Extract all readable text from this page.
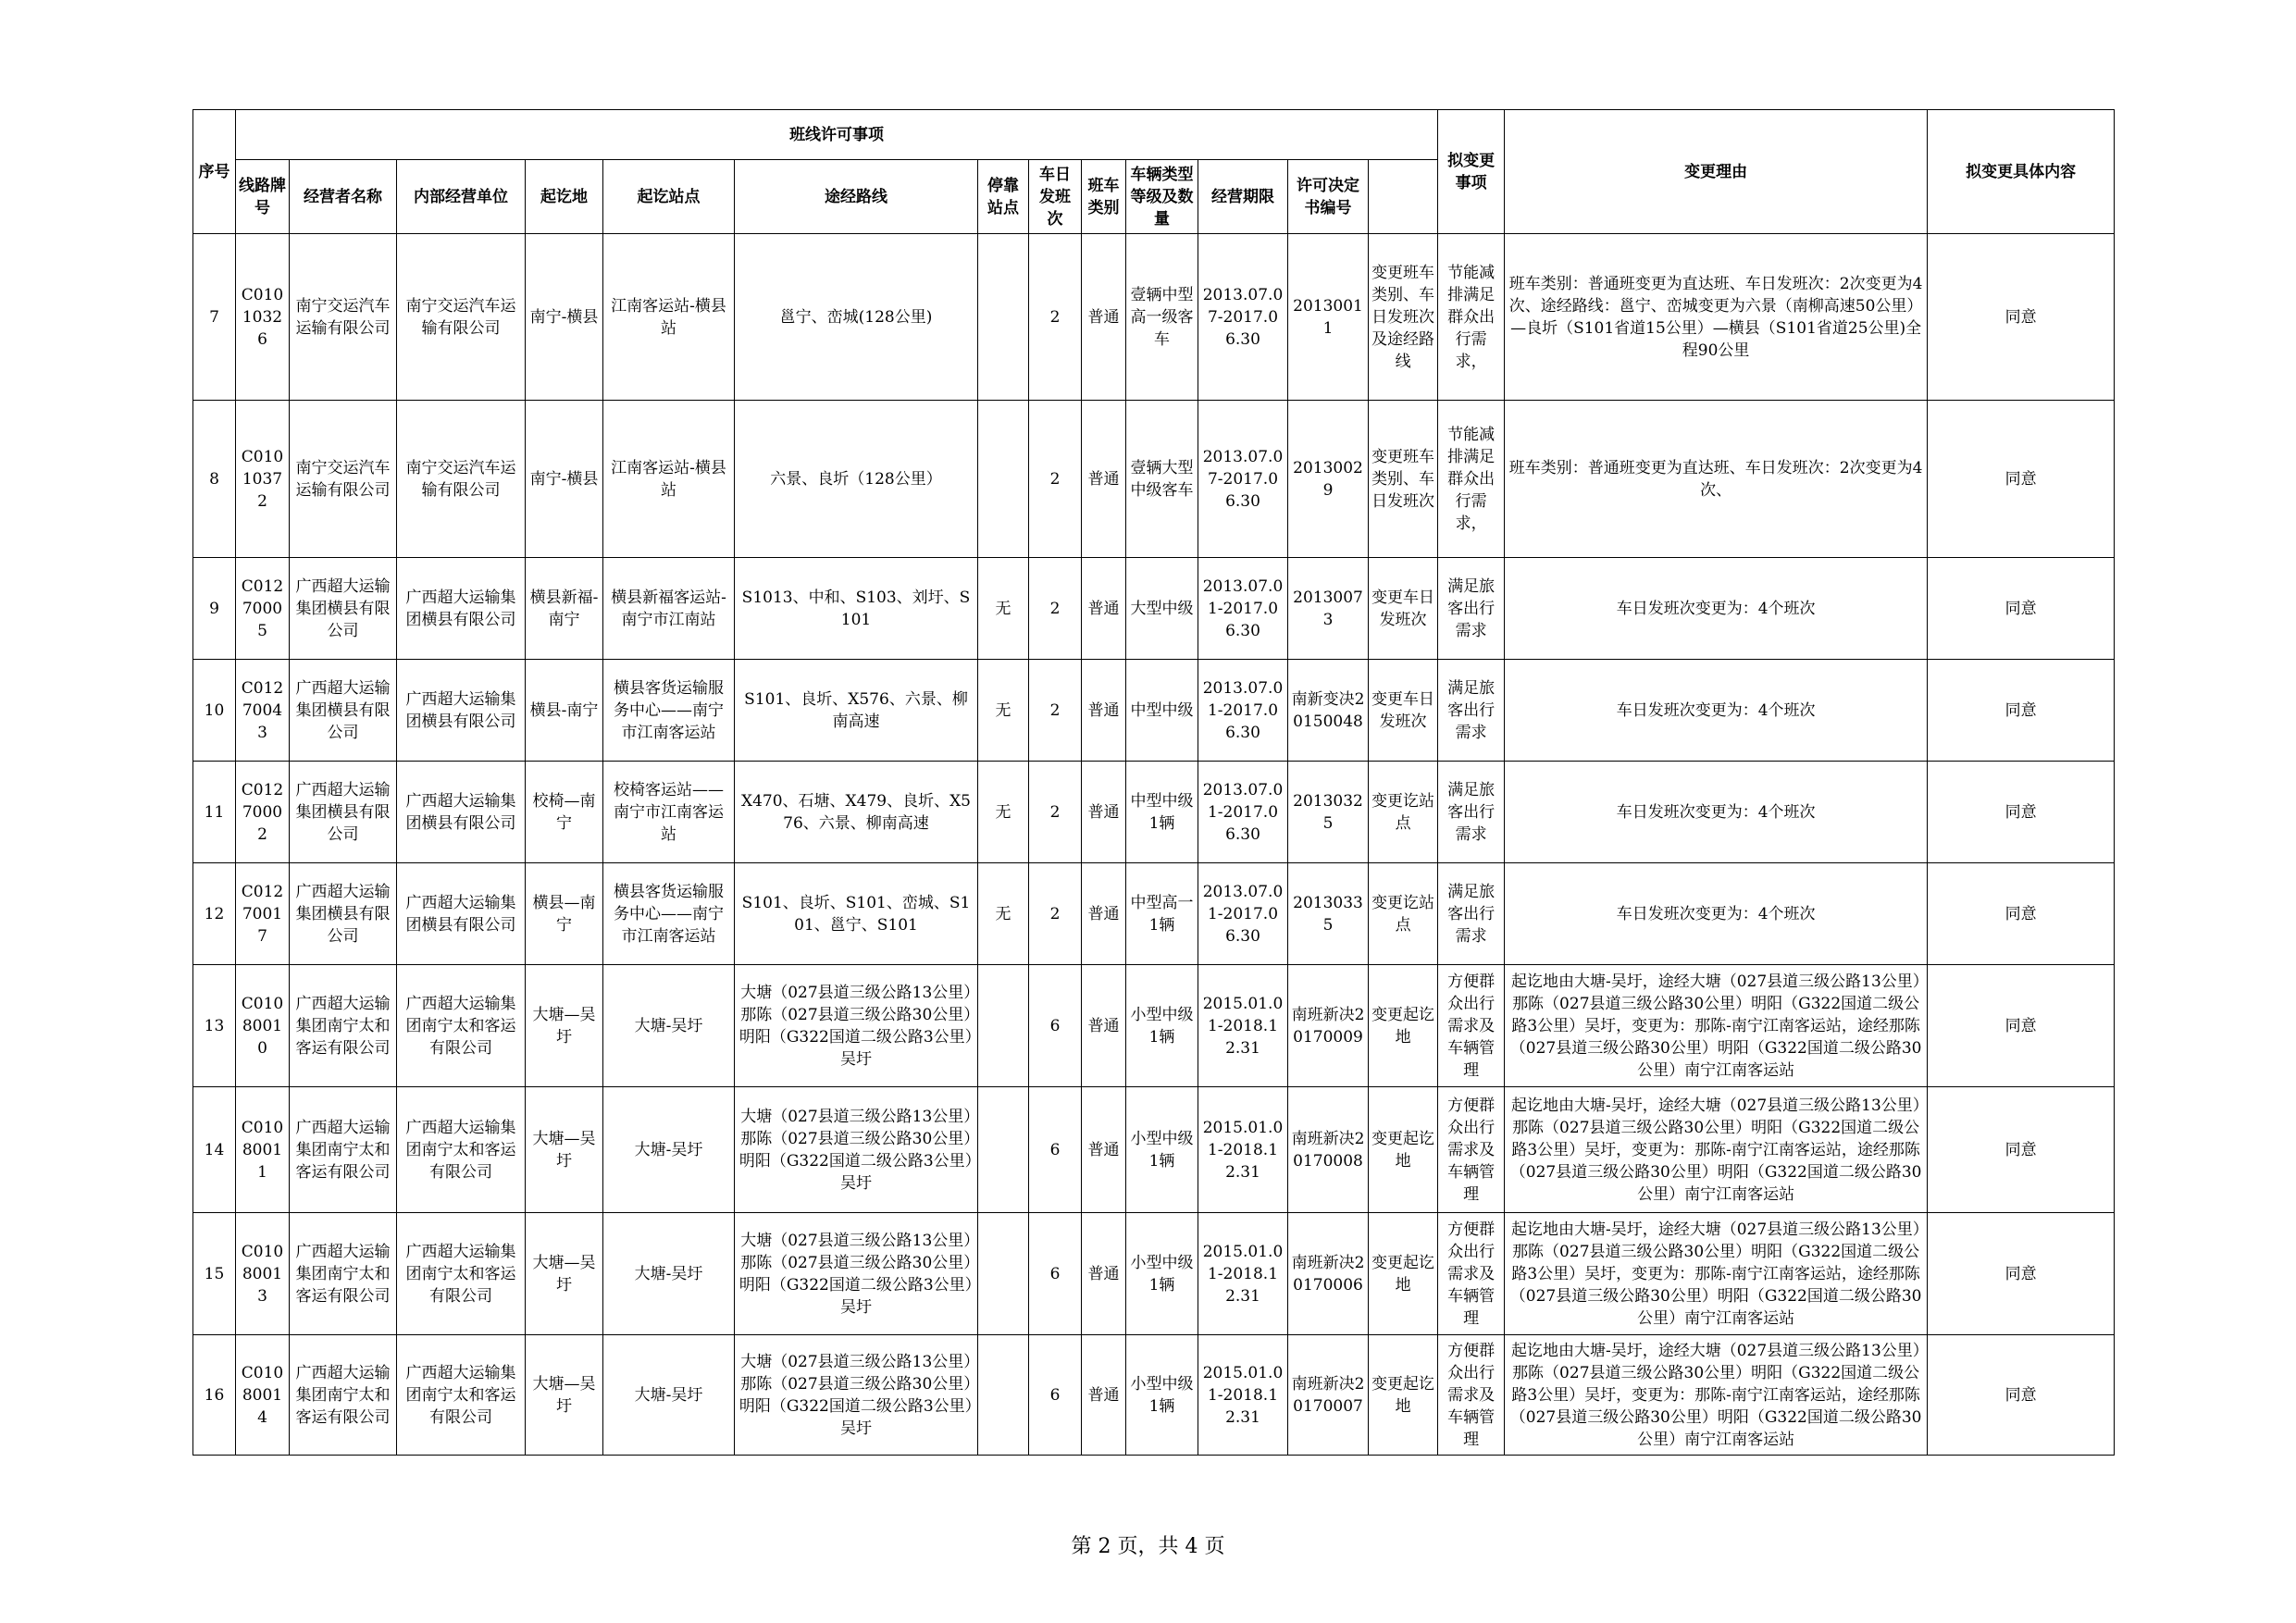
序号	班线许可事项													拟变更事项	变更理由	拟变更具体内容	
	线路牌号	经营者名称	内部经营单位	起讫地	起讫站点	途经路线	停靠站点	车日发班次	班车类别	车辆类型等级及数量	经营期限	许可决定书编号					
7	C01010326	南宁交运汽车运输有限公司	南宁交运汽车运输有限公司	南宁-横县	江南客运站-横县站	邕宁、峦城(128公里)		2	普通	壹辆中型高一级客车	2013.07.07-2017.06.30	20130011	变更班车类别、车日发班次及途经路线	节能减排满足群众出行需求，	班车类别：普通班变更为直达班、车日发班次：2次变更为4次、途经路线：邕宁、峦城变更为六景（南柳高速50公里）—良圻（S101省道15公里）—横县（S101省道25公里)全程90公里	同意	
8	C01010372	南宁交运汽车运输有限公司	南宁交运汽车运输有限公司	南宁-横县	江南客运站-横县站	六景、良圻（128公里）		2	普通	壹辆大型中级客车	2013.07.07-2017.06.30	20130029	变更班车类别、车日发班次	节能减排满足群众出行需求，	班车类别：普通班变更为直达班、车日发班次：2次变更为4次、	同意	
9	C01270005	广西超大运输集团横县有限公司	广西超大运输集团横县有限公司	横县新福-南宁	横县新福客运站-南宁市江南站	S1013、中和、S103、刘圩、S101	无	2	普通	大型中级	2013.07.01-2017.06.30	20130073	变更车日发班次	满足旅客出行需求	车日发班次变更为：4个班次	同意	
10	C01270043	广西超大运输集团横县有限公司	广西超大运输集团横县有限公司	横县-南宁	横县客货运输服务中心——南宁市江南客运站	S101、良圻、X576、六景、柳南高速	无	2	普通	中型中级	2013.07.01-2017.06.30	南新变决20150048	变更车日发班次	满足旅客出行需求	车日发班次变更为：4个班次	同意	
11	C01270002	广西超大运输集团横县有限公司	广西超大运输集团横县有限公司	校椅—南宁	校椅客运站——南宁市江南客运站	X470、石塘、X479、良圻、X576、六景、柳南高速	无	2	普通	中型中级1辆	2013.07.01-2017.06.30	20130325	变更讫站点	满足旅客出行需求	车日发班次变更为：4个班次	同意	
12	C01270017	广西超大运输集团横县有限公司	广西超大运输集团横县有限公司	横县—南宁	横县客货运输服务中心——南宁市江南客运站	S101、良圻、S101、峦城、S101、邕宁、S101	无	2	普通	中型高一1辆	2013.07.01-2017.06.30	20130335	变更讫站点	满足旅客出行需求	车日发班次变更为：4个班次	同意	
13	C01080010	广西超大运输集团南宁太和客运有限公司	广西超大运输集团南宁太和客运有限公司	大塘—吴圩	大塘-吴圩	大塘（027县道三级公路13公里）那陈（027县道三级公路30公里）明阳（G322国道二级公路3公里）吴圩		6	普通	小型中级 1辆	2015.01.01-2018.12.31	南班新决20170009	变更起讫地	方便群众出行需求及车辆管理	起讫地由大塘-吴圩，途经大塘（027县道三级公路13公里）那陈（027县道三级公路30公里）明阳（G322国道二级公路3公里）吴圩，变更为：那陈-南宁江南客运站，途经那陈（027县道三级公路30公里）明阳（G322国道二级公路30公里）南宁江南客运站	同意	
14	C01080011	广西超大运输集团南宁太和客运有限公司	广西超大运输集团南宁太和客运有限公司	大塘—吴圩	大塘-吴圩	大塘（027县道三级公路13公里）那陈（027县道三级公路30公里）明阳（G322国道二级公路3公里）吴圩		6	普通	小型中级 1辆	2015.01.01-2018.12.31	南班新决20170008	变更起讫地	方便群众出行需求及车辆管理	起讫地由大塘-吴圩，途经大塘（027县道三级公路13公里）那陈（027县道三级公路30公里）明阳（G322国道二级公路3公里）吴圩，变更为：那陈-南宁江南客运站，途经那陈（027县道三级公路30公里）明阳（G322国道二级公路30公里）南宁江南客运站	同意	
15	C01080013	广西超大运输集团南宁太和客运有限公司	广西超大运输集团南宁太和客运有限公司	大塘—吴圩	大塘-吴圩	大塘（027县道三级公路13公里）那陈（027县道三级公路30公里）明阳（G322国道二级公路3公里）吴圩		6	普通	小型中级 1辆	2015.01.01-2018.12.31	南班新决20170006	变更起讫地	方便群众出行需求及车辆管理	起讫地由大塘-吴圩，途经大塘（027县道三级公路13公里）那陈（027县道三级公路30公里）明阳（G322国道二级公路3公里）吴圩，变更为：那陈-南宁江南客运站，途经那陈（027县道三级公路30公里）明阳（G322国道二级公路30公里）南宁江南客运站	同意	
16	C01080014	广西超大运输集团南宁太和客运有限公司	广西超大运输集团南宁太和客运有限公司	大塘—吴圩	大塘-吴圩	大塘（027县道三级公路13公里）那陈（027县道三级公路30公里）明阳（G322国道二级公路3公里）吴圩		6	普通	小型中级 1辆	2015.01.01-2018.12.31	南班新决20170007	变更起讫地	方便群众出行需求及车辆管理	起讫地由大塘-吴圩，途经大塘（027县道三级公路13公里）那陈（027县道三级公路30公里）明阳（G322国道二级公路3公里）吴圩，变更为：那陈-南宁江南客运站，途经那陈（027县道三级公路30公里）明阳（G322国道二级公路30公里）南宁江南客运站	同意	
第 2 页，共 4 页
